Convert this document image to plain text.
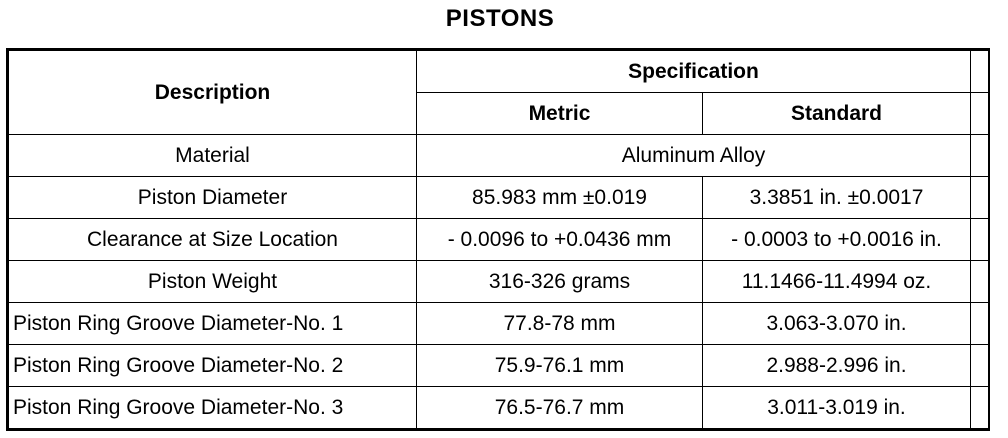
PISTONS
Description	Specification		
	Metric	Standard	
Material	Aluminum Alloy		
Piston Diameter	85.983 mm ±0.019	3.3851 in. ±0.0017	
Clearance at Size Location	- 0.0096 to +0.0436 mm	- 0.0003 to +0.0016 in.	
Piston Weight	316-326 grams	11.1466-11.4994 oz.	
Piston Ring Groove Diameter-No. 1	77.8-78 mm	3.063-3.070 in.	
Piston Ring Groove Diameter-No. 2	75.9-76.1 mm	2.988-2.996 in.	
Piston Ring Groove Diameter-No. 3	76.5-76.7 mm	3.011-3.019 in.	
